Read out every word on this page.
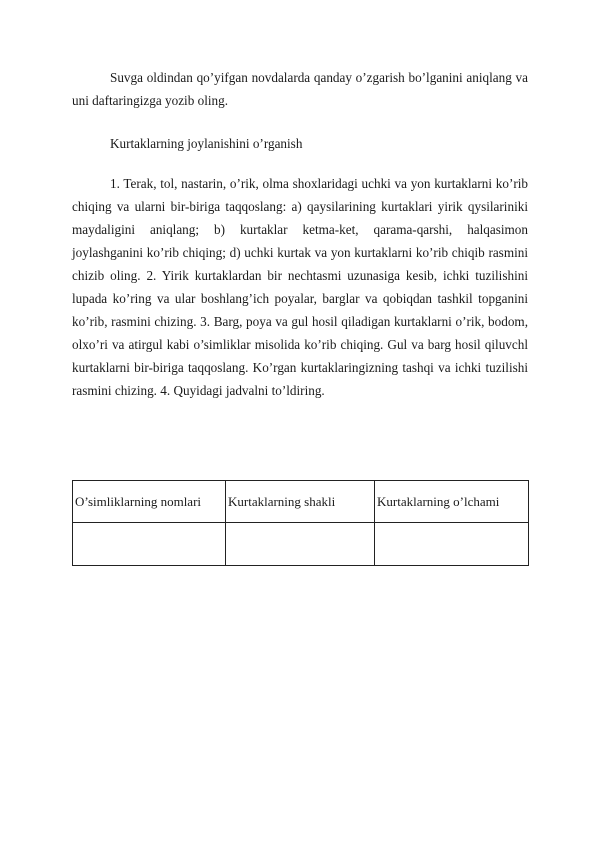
Suvga oldindan qo’yifgan novdalarda qanday o’zgarish bo’lganini aniqlang va uni daftaringizga yozib oling.

Kurtaklarning joylanishini o’rganish

1. Terak, tol, nastarin, o’rik, olma shoxlaridagi uchki va yon kurtaklarni ko’rib chiqing va ularni bir-biriga taqqoslang: a) qaysilarining kurtaklari yirik qysilariniki maydaligini aniqlang; b) kurtaklar ketma-ket, qarama-qarshi, halqasimon joylashganini ko’rib chiqing; d) uchki kurtak va yon kurtaklarni ko’rib chiqib rasmini chizib oling. 2. Yirik kurtaklardan bir nechtasmi uzunasiga kesib, ichki tuzilishini lupada ko’ring va ular boshlang’ich poyalar, barglar va qobiqdan tashkil topganini ko’rib, rasmini chizing. 3. Barg, poya va gul hosil qiladigan kurtaklarni o’rik, bodom, olxo’ri va atirgul kabi o’simliklar misolida ko’rib chiqing. Gul va barg hosil qiluvchl kurtaklarni bir-biriga taqqoslang. Ko’rgan kurtaklaringizning tashqi va ichki tuzilishi rasmini chizing. 4. Quyidagi jadvalni to’ldiring.

O’simliklarning nomlari	Kurtaklarning shakli	Kurtaklarning o’lchami
